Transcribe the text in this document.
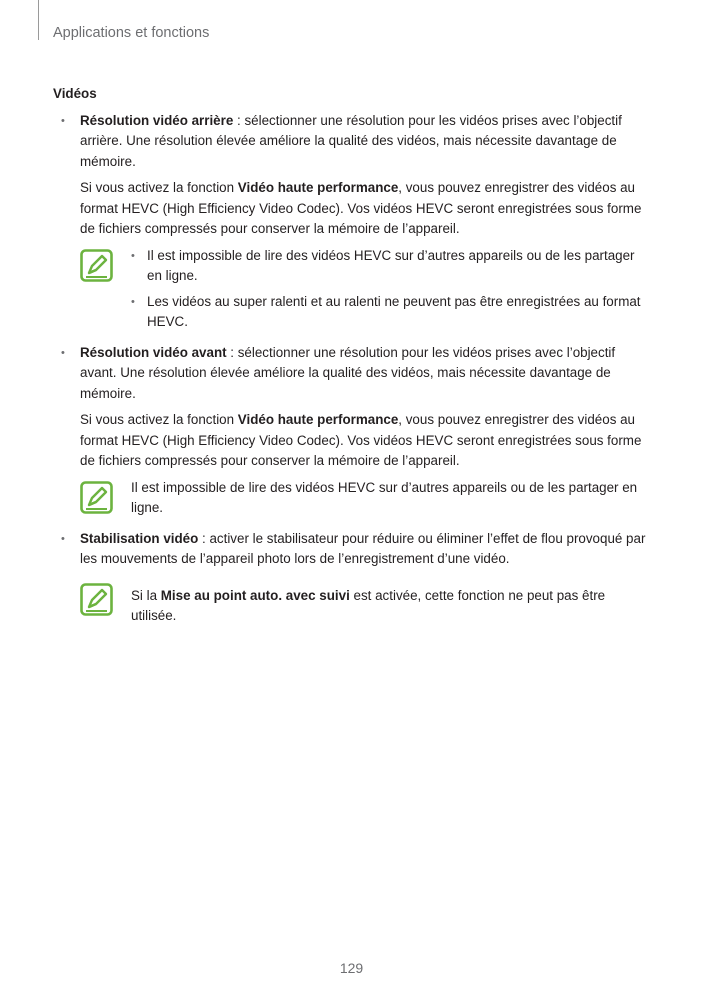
Applications et fonctions
Vidéos
• Résolution vidéo arrière : sélectionner une résolution pour les vidéos prises avec l’objectif arrière. Une résolution élevée améliore la qualité des vidéos, mais nécessite davantage de mémoire.

Si vous activez la fonction Vidéo haute performance, vous pouvez enregistrer des vidéos au format HEVC (High Efficiency Video Codec). Vos vidéos HEVC seront enregistrées sous forme de fichiers compressés pour conserver la mémoire de l’appareil.

• Il est impossible de lire des vidéos HEVC sur d’autres appareils ou de les partager en ligne.
• Les vidéos au super ralenti et au ralenti ne peuvent pas être enregistrées au format HEVC.
• Résolution vidéo avant : sélectionner une résolution pour les vidéos prises avec l’objectif avant. Une résolution élevée améliore la qualité des vidéos, mais nécessite davantage de mémoire.

Si vous activez la fonction Vidéo haute performance, vous pouvez enregistrer des vidéos au format HEVC (High Efficiency Video Codec). Vos vidéos HEVC seront enregistrées sous forme de fichiers compressés pour conserver la mémoire de l’appareil.

Il est impossible de lire des vidéos HEVC sur d’autres appareils ou de les partager en ligne.
• Stabilisation vidéo : activer le stabilisateur pour réduire ou éliminer l’effet de flou provoqué par les mouvements de l’appareil photo lors de l’enregistrement d’une vidéo.

Si la Mise au point auto. avec suivi est activée, cette fonction ne peut pas être utilisée.
129
